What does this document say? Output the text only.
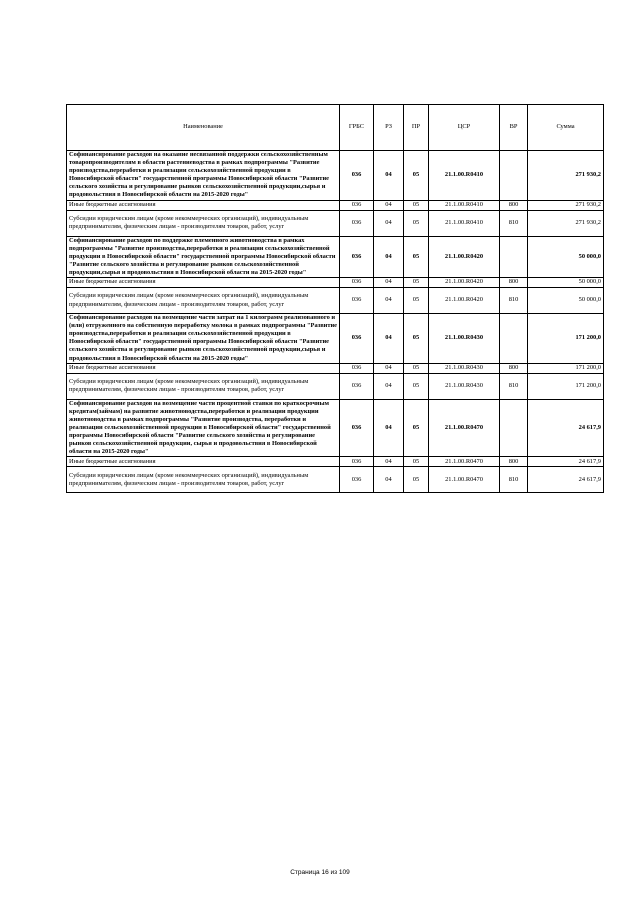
Наименование	ГРБС	РЗ	ПР	ЦСР	ВР	Сумма
Софинансирование расходов на оказание несвязанной поддержки сельскохозяйственным товаропроизводителям в области растениеводства в рамках подпрограммы "Развитие производства,переработки и реализации сельскохозяйственной продукции в Новосибирской области" государственной программы Новосибирской области "Развитие сельского хозяйства и регулирование рынков сельскохозяйственной продукции,сырья и продовольствия в Новосибирской области на 2015-2020 годы"	036	04	05	21.1.00.R0410		271 930,2
Иные бюджетные ассигнования	036	04	05	21.1.00.R0410	800	271 930,2
Субсидии юридическим лицам (кроме некоммерческих организаций), индивидуальным предпринимателям, физическим лицам - производителям товаров, работ, услуг	036	04	05	21.1.00.R0410	810	271 930,2
Софинансирование расходов по поддержке племенного животноводства в рамках подпрограммы "Развитие производства,переработки и реализации сельскохозяйственной продукции в Новосибирской области" государственной программы Новосибирской области "Развитие сельского хозяйства и регулирование рынков сельскохозяйственной продукции,сырья и продовольствия в Новосибирской области на 2015-2020 годы"	036	04	05	21.1.00.R0420		50 000,0
Иные бюджетные ассигнования	036	04	05	21.1.00.R0420	800	50 000,0
Субсидии юридическим лицам (кроме некоммерческих организаций), индивидуальным предпринимателям, физическим лицам - производителям товаров, работ, услуг	036	04	05	21.1.00.R0420	810	50 000,0
Софинансирование расходов на возмещение части затрат на 1 килограмм реализованного и (или) отгруженного на собственную переработку молока в рамках подпрограммы "Развитие производства,переработки и реализации сельскохозяйственной продукции в Новосибирской области" государственной программы Новосибирской области "Развитие сельского хозяйства и регулирование рынков сельскохозяйственной продукции,сырья и продовольствия в Новосибирской области на 2015-2020 годы"	036	04	05	21.1.00.R0430		171 200,0
Иные бюджетные ассигнования	036	04	05	21.1.00.R0430	800	171 200,0
Субсидии юридическим лицам (кроме некоммерческих организаций), индивидуальным предпринимателям, физическим лицам - производителям товаров, работ, услуг	036	04	05	21.1.00.R0430	810	171 200,0
Софинансирование расходов на возмещение части процентной ставки по краткосрочным кредитам(займам) на развитие животноводства,переработки и реализации продукции животноводства в рамках подпрограммы "Развитие производства, переработки и реализации сельскохозяйственной продукции в Новосибирской области" государственной программы Новосибирской области "Развитие сельского хозяйства и регулирование рынков сельскохозяйственной продукции, сырья и продовольствия в Новосибирской области на 2015-2020 годы"	036	04	05	21.1.00.R0470		24 617,9
Иные бюджетные ассигнования	036	04	05	21.1.00.R0470	800	24 617,9
Субсидии юридическим лицам (кроме некоммерческих организаций), индивидуальным предпринимателям, физическим лицам - производителям товаров, работ, услуг	036	04	05	21.1.00.R0470	810	24 617,9
Страница 16 из 109
